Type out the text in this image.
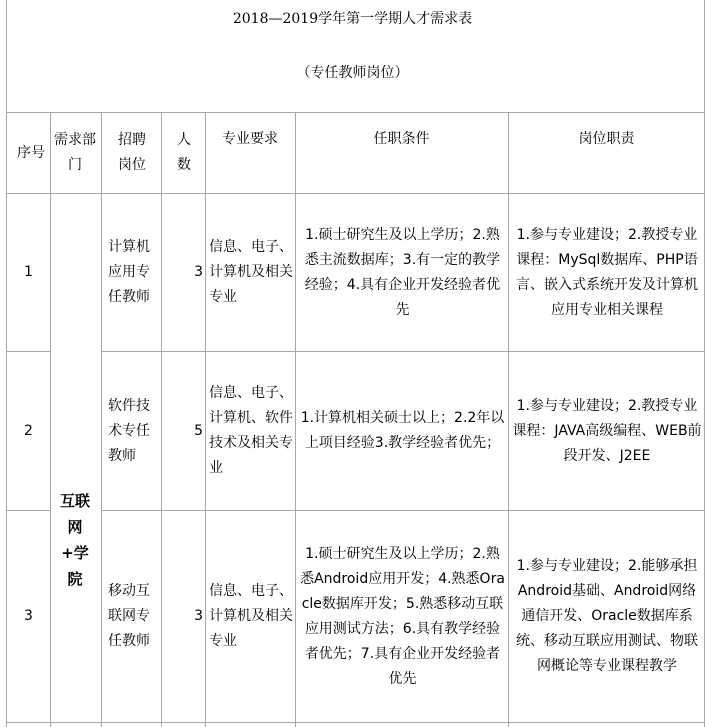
2018—2019学年第一学期人才需求表
（专任教师岗位）
序号
需求部门
招聘岗位
人数
专业要求	任职条件	岗位职责
互联网+学院
1
计算机应用专任教师
3
信息、电子、计算机及相关专业
1.硕士研究生及以上学历；2.熟悉主流数据库；3.有一定的教学经验；4.具有企业开发经验者优先
1.参与专业建设；2.教授专业课程：MySql数据库、PHP语言、嵌入式系统开发及计算机应用专业相关课程
2
软件技术专任教师
5
信息、电子、计算机、软件技术及相关专业
1.计算机相关硕士以上；2.2年以上项目经验3.教学经验者优先；
1.参与专业建设；2.教授专业课程：JAVA高级编程、WEB前段开发、J2EE
3
移动互联网专任教师
3
信息、电子、计算机及相关专业
1.硕士研究生及以上学历；2.熟悉Android应用开发；4.熟悉Oracle数据库开发；5.熟悉移动互联应用测试方法；6.具有教学经验者优先；7.具有企业开发经验者优先
1.参与专业建设；2.能够承担Android基础、Android网络通信开发、Oracle数据库系统、移动互联应用测试、物联网概论等专业课程教学
